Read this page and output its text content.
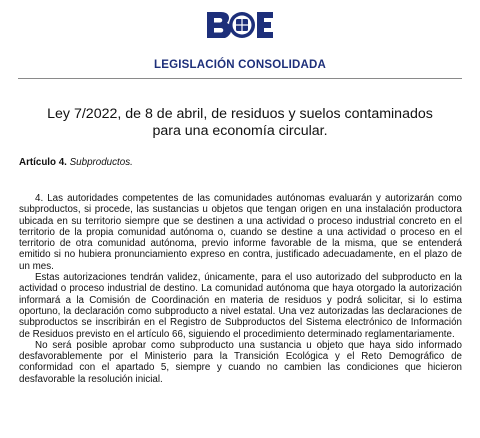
LEGISLACIÓN CONSOLIDADA
Ley 7/2022, de 8 de abril, de residuos y suelos contaminados para una economía circular.
Artículo 4. Subproductos.

4. Las autoridades competentes de las comunidades autónomas evaluarán y autorizarán como subproductos, si procede, las sustancias u objetos que tengan origen en una instalación productora ubicada en su territorio siempre que se destinen a una actividad o proceso industrial concreto en el territorio de la propia comunidad autónoma o, cuando se destine a una actividad o proceso en el territorio de otra comunidad autónoma, previo informe favorable de la misma, que se entenderá emitido si no hubiera pronunciamiento expreso en contra, justificado adecuadamente, en el plazo de un mes.

Estas autorizaciones tendrán validez, únicamente, para el uso autorizado del subproducto en la actividad o proceso industrial de destino. La comunidad autónoma que haya otorgado la autorización informará a la Comisión de Coordinación en materia de residuos y podrá solicitar, si lo estima oportuno, la declaración como subproducto a nivel estatal. Una vez autorizadas las declaraciones de subproductos se inscribirán en el Registro de Subproductos del Sistema electrónico de Información de Residuos previsto en el artículo 66, siguiendo el procedimiento determinado reglamentariamente.

No será posible aprobar como subproducto una sustancia u objeto que haya sido informado desfavorablemente por el Ministerio para la Transición Ecológica y el Reto Demográfico de conformidad con el apartado 5, siempre y cuando no cambien las condiciones que hicieron desfavorable la resolución inicial.
